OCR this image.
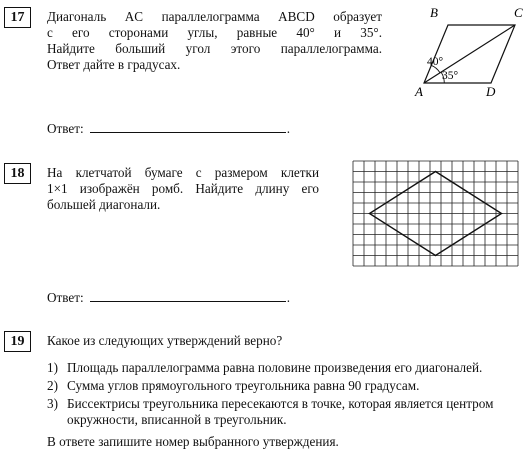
17	Диагональ AC параллелограмма ABCD образует
с его сторонами углы, равные 40° и 35°.
Найдите больший угол этого параллелограмма.
Ответ дайте в градусах.
B	C
A	D
40°
35°
Ответ:	.
18	На клетчатой бумаге с размером клетки
1×1 изображён ромб. Найдите длину его
большей диагонали.
Ответ:	.
19	Какое из следующих утверждений верно?
1) Площадь параллелограмма равна половине произведения его диагоналей.
2) Сумма углов прямоугольного треугольника равна 90 градусам.
3) Биссектрисы треугольника пересекаются в точке, которая является центром
окружности, вписанной в треугольник.
В ответе запишите номер выбранного утверждения.
